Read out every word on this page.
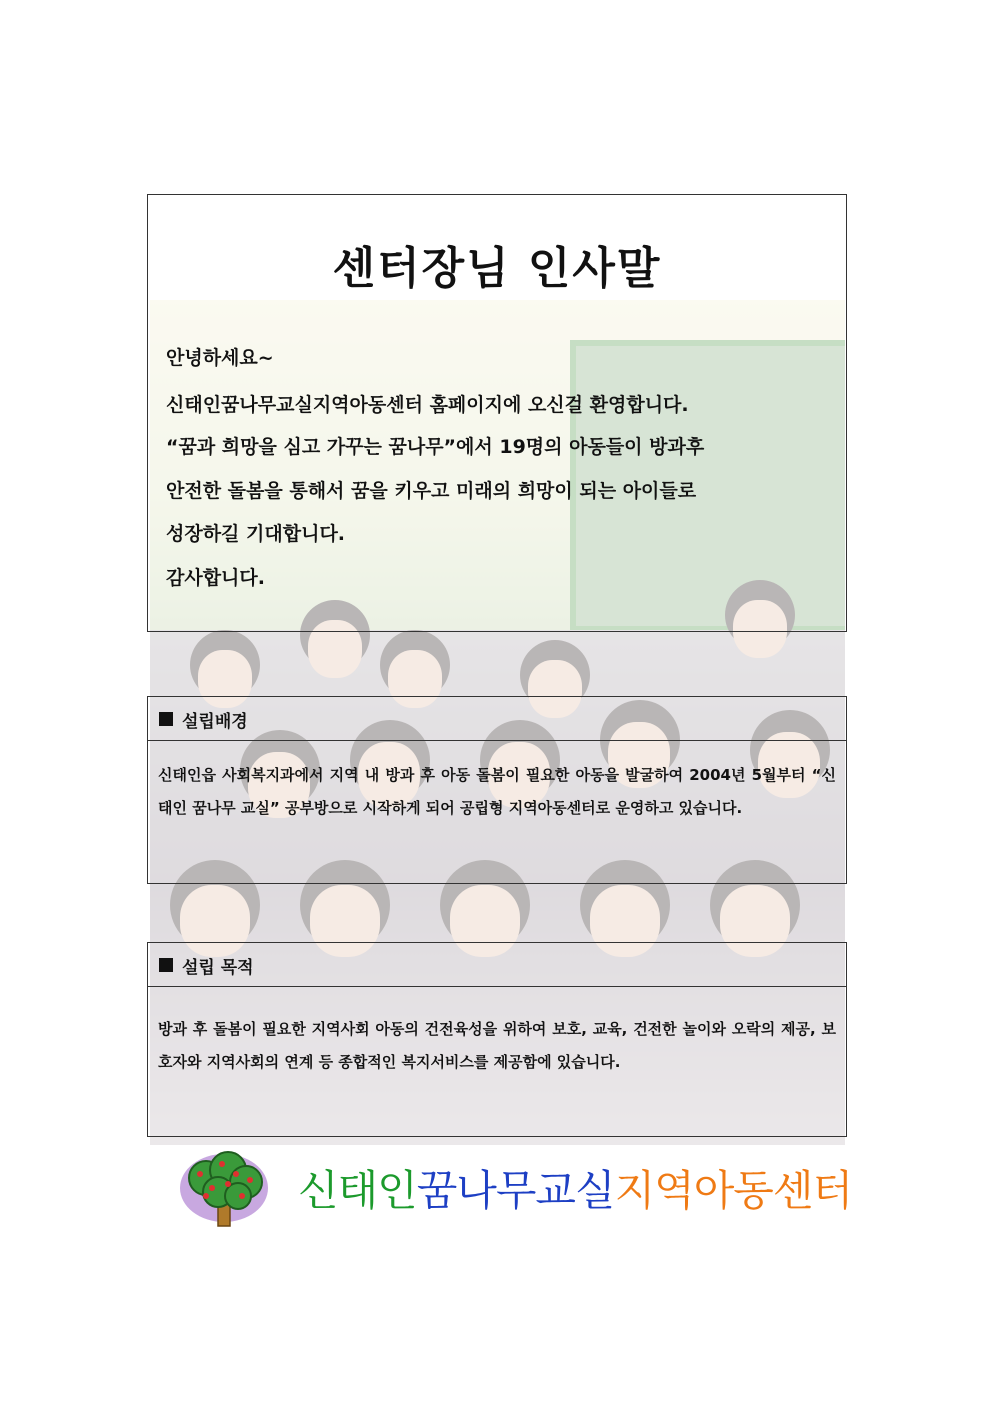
센터장님 인사말
안녕하세요~
신태인꿈나무교실지역아동센터 홈페이지에 오신걸 환영합니다.
“꿈과 희망을 심고 가꾸는 꿈나무”에서 19명의 아동들이 방과후
안전한 돌봄을 통해서 꿈을 키우고 미래의 희망이 되는 아이들로
성장하길 기대합니다.
감사합니다.
설립배경
신태인읍 사회복지과에서 지역 내 방과 후 아동 돌봄이 필요한 아동을 발굴하여 2004년 5월부터 “신태인 꿈나무 교실” 공부방으로 시작하게 되어 공립형 지역아동센터로 운영하고 있습니다.
설립 목적
방과 후 돌봄이 필요한 지역사회 아동의 건전육성을 위하여 보호, 교육, 건전한 놀이와 오락의 제공, 보호자와 지역사회의 연계 등 종합적인 복지서비스를 제공함에 있습니다.
신태인꿈나무교실지역아동센터
